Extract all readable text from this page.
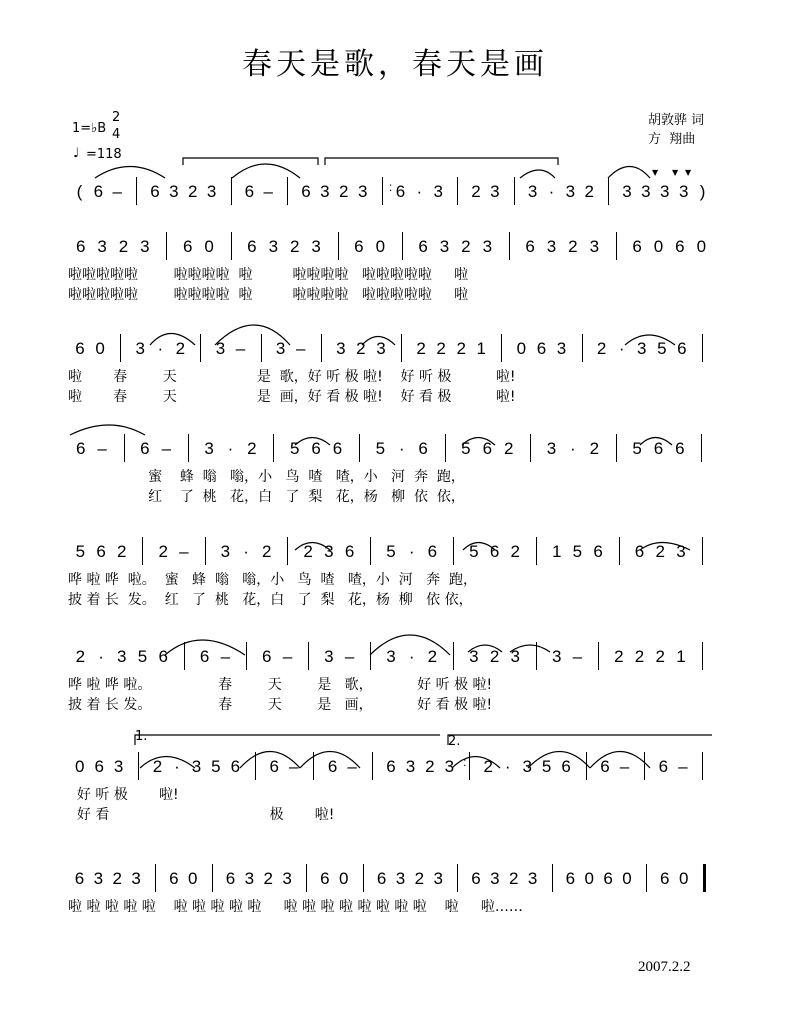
春天是歌，春天是画
1=♭B
2
4
♩ =118
胡敦骅 词
方  翔曲
2007.2.2
1.	2.
( 6 – 6 3 2 3 6 – 6 3 2 3	: 6 · 3 2 3 3 · 3 2 3 3 3 3 )
6 3 2 3 6 0 6 3 2 3 6 0 6 3 2 3 6 3 2 3 6 0 6 0
啦啦啦啦啦        啦啦啦啦  啦         啦啦啦啦   啦啦啦啦啦     啦
啦啦啦啦啦        啦啦啦啦  啦         啦啦啦啦   啦啦啦啦啦     啦
6 0 3 · 2 3 – 3 – 3 2 3 2 2 2 1 0 6 3 2 · 3 5 6
啦       春        天                  是  歌，好 听 极 啦!    好 听 极          啦!
啦       春        天                  是  画，好 看 极 啦!    好 看 极          啦!
6 – 6 – 3 · 2 5 6 6 5 · 6 5 6 2 3 · 2 5 6 6
蜜    蜂  嗡   嗡，小   鸟  喳   喳，小   河  奔  跑，
红    了  桃   花，白   了  梨   花，杨   柳  依  依，
5 6 2 2 – 3 · 2 2 3 6 5 · 6 5 6 2 1 5 6 6 2 3
哗 啦 哗  啦。  蜜   蜂  嗡   嗡，小   鸟  喳   喳，小  河   奔  跑，
披 着 长  发。  红   了  桃   花，白   了  梨   花，杨  柳   依 依，
2 · 3 5 6 6 – 6 – 3 – 3 · 2 3 2 3 3 – 2 2 2 1
哗 啦 哗 啦。               春        天        是   歌，          好 听 极 啦!
披 着 长 发。               春        天        是   画，          好 看 极 啦!
0 6 3 2 · 3 5 6 6 – 6 – 6 3 2 3 : 2 · 3 5 6 6 – 6 –
好 听 极       啦!
好 看                                    极       啦!
6 3 2 3 6 0 6 3 2 3 6 0 6 3 2 3 6 3 2 3 6 0 6 0 6 0
啦 啦 啦 啦 啦    啦 啦 啦 啦 啦     啦 啦 啦 啦 啦 啦 啦 啦    啦     啦……
▼ ▼ ▼
